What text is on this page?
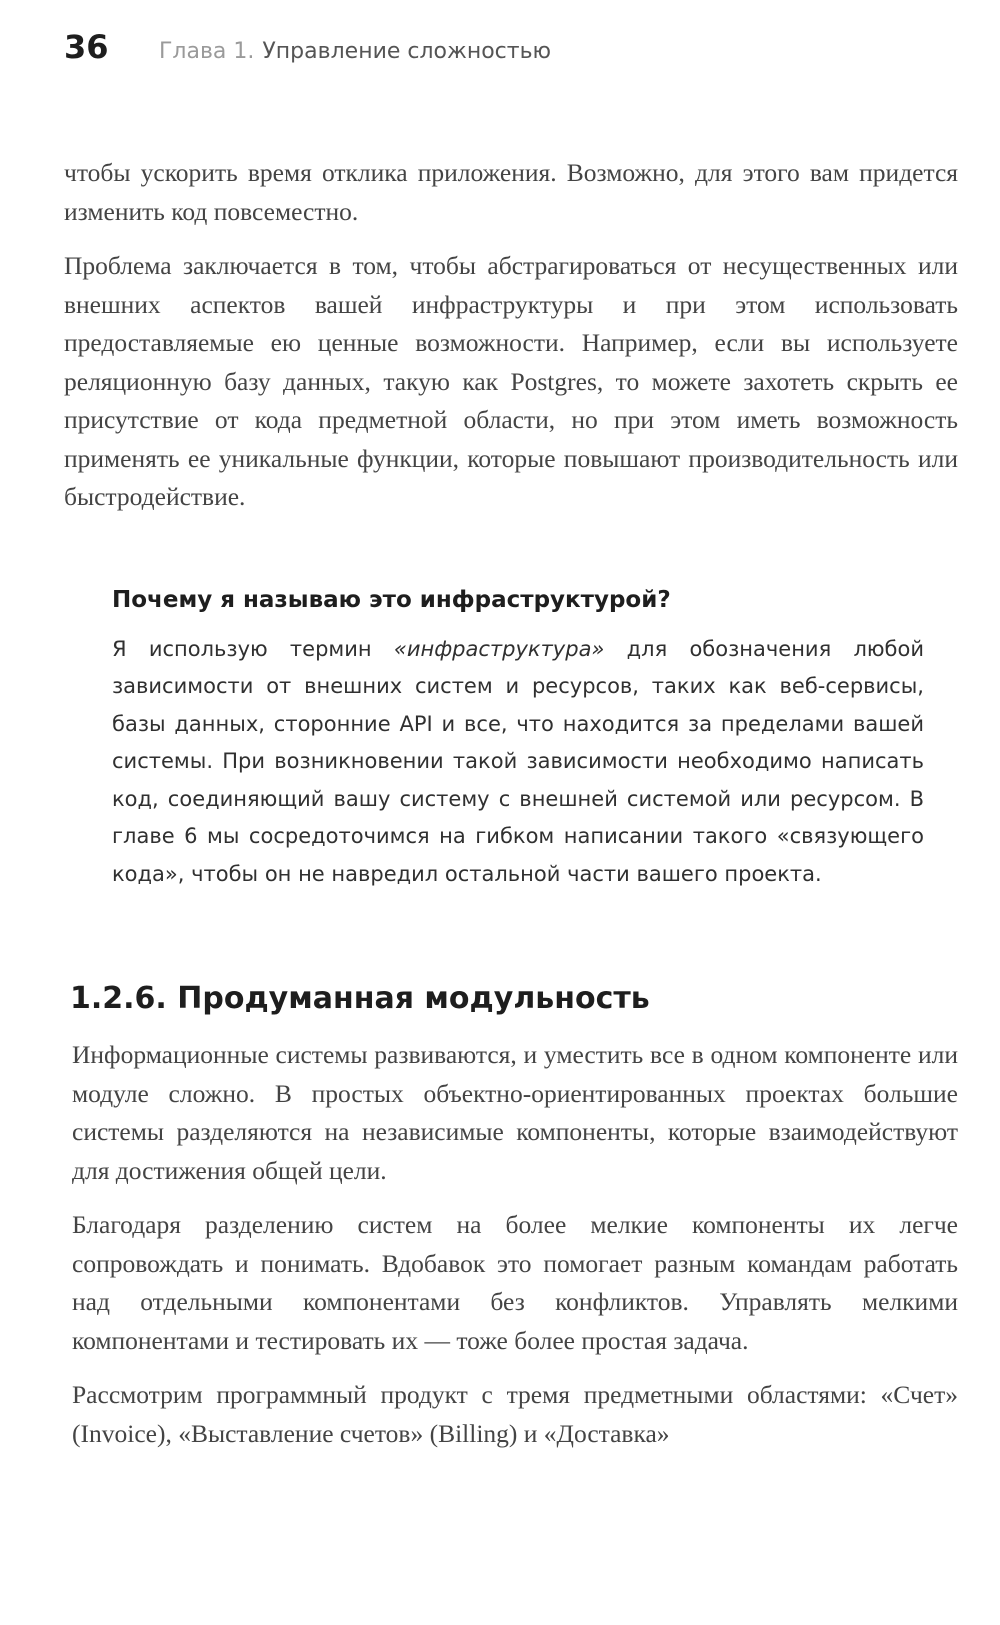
36	Глава 1. Управление сложностью

чтобы ускорить время отклика приложения. Возможно, для этого вам придется изменить код повсеместно.

Проблема заключается в том, чтобы абстрагироваться от несущественных или внешних аспектов вашей инфраструктуры и при этом использовать предоставляемые ею ценные возможности. Например, если вы используете реляционную базу данных, такую как Postgres, то можете захотеть скрыть ее присутствие от кода предметной области, но при этом иметь возможность применять ее уникальные функции, которые повышают производительность или быстродействие.

Почему я называю это инфраструктурой?

Я использую термин «инфраструктура» для обозначения любой зависимости от внешних систем и ресурсов, таких как веб-сервисы, базы данных, сторонние API и все, что находится за пределами вашей системы. При возникновении такой зависимости необходимо написать код, соединяющий вашу систему с внешней системой или ресурсом. В главе 6 мы сосредоточимся на гибком написании такого «связующего кода», чтобы он не навредил остальной части вашего проекта.

1.2.6. Продуманная модульность

Информационные системы развиваются, и уместить все в одном компоненте или модуле сложно. В простых объектно-ориентированных проектах большие системы разделяются на независимые компоненты, которые взаимодействуют для достижения общей цели.

Благодаря разделению систем на более мелкие компоненты их легче сопровождать и понимать. Вдобавок это помогает разным командам работать над отдельными компонентами без конфликтов. Управлять мелкими компонентами и тестировать их — тоже более простая задача.

Рассмотрим программный продукт с тремя предметными областями: «Счет» (Invoice), «Выставление счетов» (Billing) и «Доставка»
